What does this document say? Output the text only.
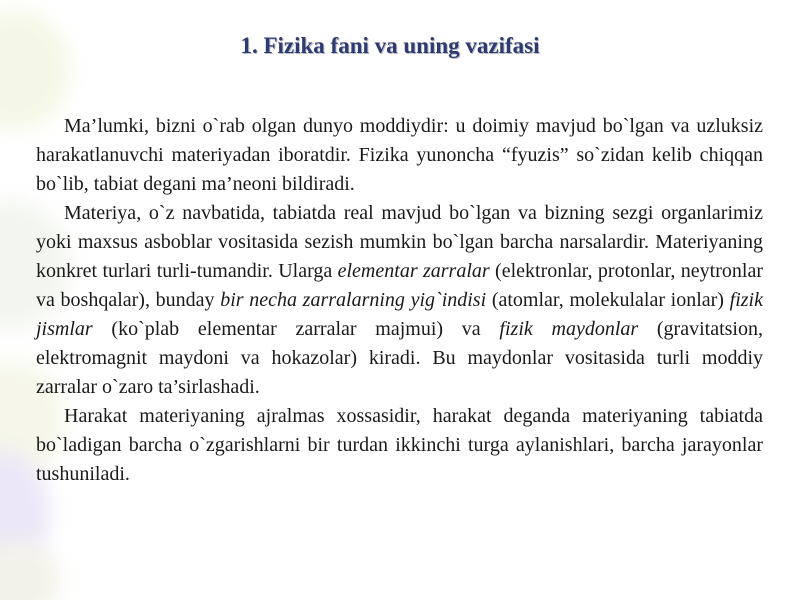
1. Fizika fani va uning vazifasi

Ma’lumki, bizni o`rab olgan dunyo moddiydir: u doimiy mavjud bo`lgan va uzluksiz harakatlanuvchi materiyadan iboratdir. Fizika yunoncha “fyuzis” so`zidan kelib chiqqan bo`lib, tabiat degani ma’neoni bildiradi.

Materiya, o`z navbatida, tabiatda real mavjud bo`lgan va bizning sezgi organlarimiz yoki maxsus asboblar vositasida sezish mumkin bo`lgan barcha narsalardir. Materiyaning konkret turlari turli-tumandir. Ularga elementar zarralar (elektronlar, protonlar, neytronlar va boshqalar), bunday bir necha zarralarning yig`indisi (atomlar, molekulalar ionlar) fizik jismlar (ko`plab elementar zarralar majmui) va fizik maydonlar (gravitatsion, elektromagnit maydoni va hokazolar) kiradi. Bu maydonlar vositasida turli moddiy zarralar o`zaro ta’sirlashadi.

Harakat materiyaning ajralmas xossasidir, harakat deganda materiyaning tabiatda bo`ladigan barcha o`zgarishlarni bir turdan ikkinchi turga aylanishlari, barcha jarayonlar tushuniladi.
